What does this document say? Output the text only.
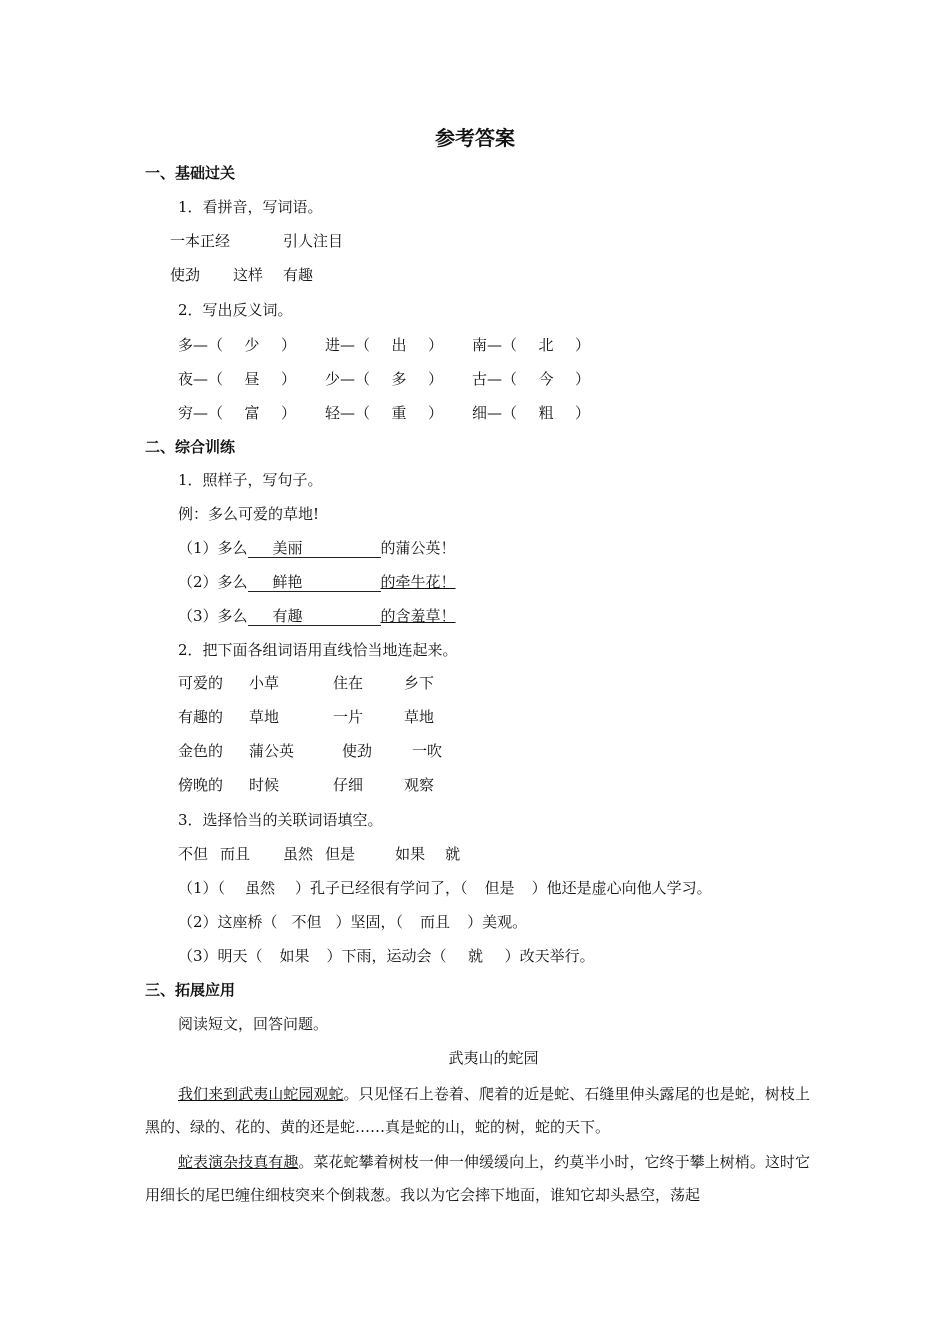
参考答案
一、基础过关
1．看拼音，写词语。
一本正经	引人注目
使劲 这样 有趣
2．写出反义词。
多—（ 少 ） 进—（ 出 ） 南—（ 北 ）
夜—（ 昼 ） 少—（ 多 ） 古—（ 今 ）
穷—（ 富 ） 轻—（ 重 ） 细—（ 粗 ）
二、综合训练
1．照样子，写句子。
例：多么可爱的草地!
（1）多么 美丽	的蒲公英！
（2）多么 鲜艳	的牵牛花！
（3）多么 有趣	的含羞草！
2．把下面各组词语用直线恰当地连起来。
可爱的 小草	住在	乡下
有趣的 草地	一片	草地
金色的 蒲公英	使劲	一吹
傍晚的 时候	仔细	观察
3．选择恰当的关联词语填空。
不但 而且 虽然 但是	如果 就
（1）（ 虽然 ）孔子已经很有学问了，（ 但是 ）他还是虚心向他人学习。
（2）这座桥（ 不但 ）坚固，（ 而且 ）美观。
（3）明天（ 如果 ）下雨，运动会（ 就 ）改天举行。
三、拓展应用
阅读短文，回答问题。
武夷山的蛇园
我们来到武夷山蛇园观蛇。只见怪石上卷着、爬着的近是蛇、石缝里伸头露尾的也是蛇，树枝上黑的、绿的、花的、黄的还是蛇……真是蛇的山，蛇的树，蛇的天下。
蛇表演杂技真有趣。菜花蛇攀着树枝一伸一伸缓缓向上，约莫半小时，它终于攀上树梢。这时它用细长的尾巴缠住细枝突来个倒栽葱。我以为它会摔下地面，谁知它却头悬空，荡起
